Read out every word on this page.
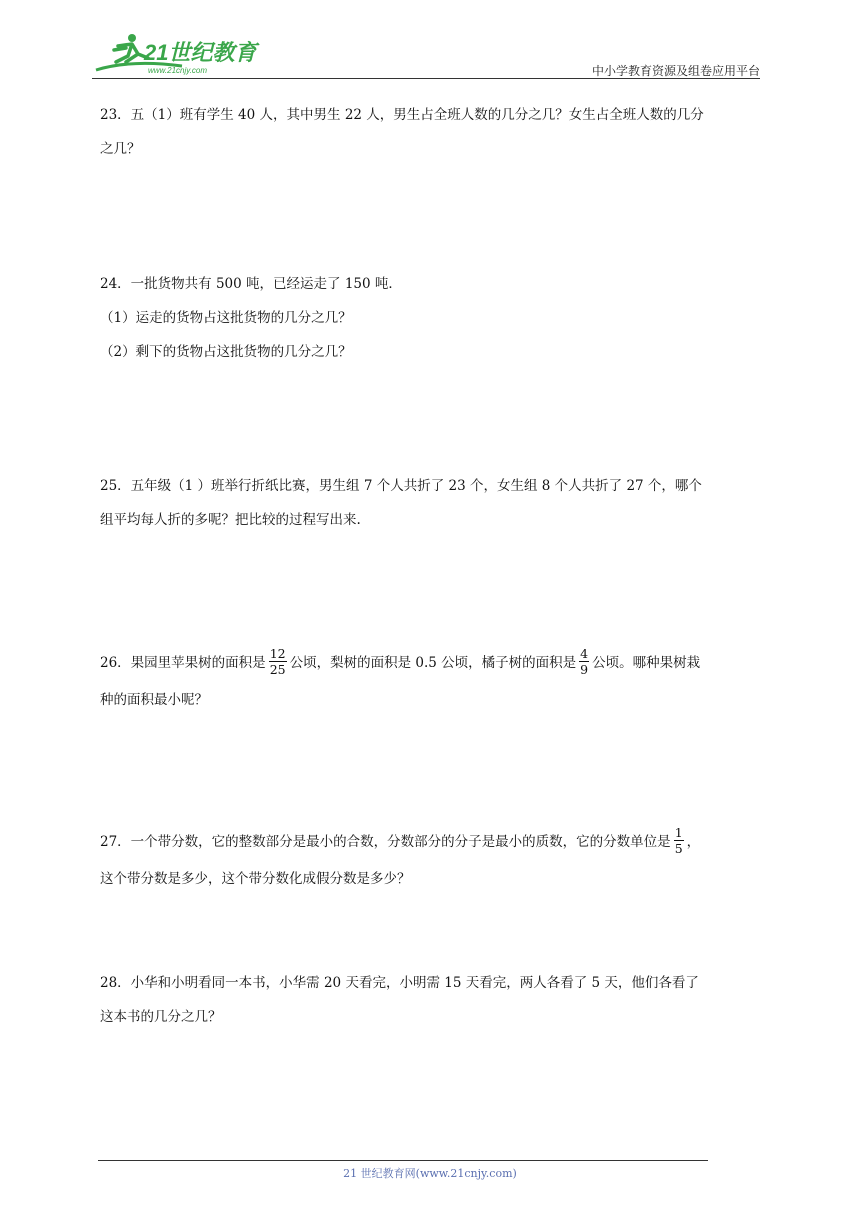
21世纪教育
www.21cnjy.com	中小学教育资源及组卷应用平台

23．五（1）班有学生 40 人，其中男生 22 人，男生占全班人数的几分之几？女生占全班人数的几分

之几？

24．一批货物共有 500 吨，已经运走了 150 吨．

（1）运走的货物占这批货物的几分之几？

（2）剩下的货物占这批货物的几分之几？

25．五年级（1 ）班举行折纸比赛，男生组 7 个人共折了 23 个，女生组 8 个人共折了 27 个，哪个

组平均每人折的多呢？把比较的过程写出来.

26．果园里苹果树的面积是 $\frac{12}{25}$ 公顷，梨树的面积是 0.5 公顷，橘子树的面积是 $\frac{4}{9}$ 公顷。哪种果树栽

种的面积最小呢？

27．一个带分数，它的整数部分是最小的合数，分数部分的分子是最小的质数，它的分数单位是 $\frac{1}{5}$ ，

这个带分数是多少，这个带分数化成假分数是多少？

28．小华和小明看同一本书，小华需 20 天看完，小明需 15 天看完，两人各看了 5 天，他们各看了

这本书的几分之几？

21 世纪教育网(www.21cnjy.com)
